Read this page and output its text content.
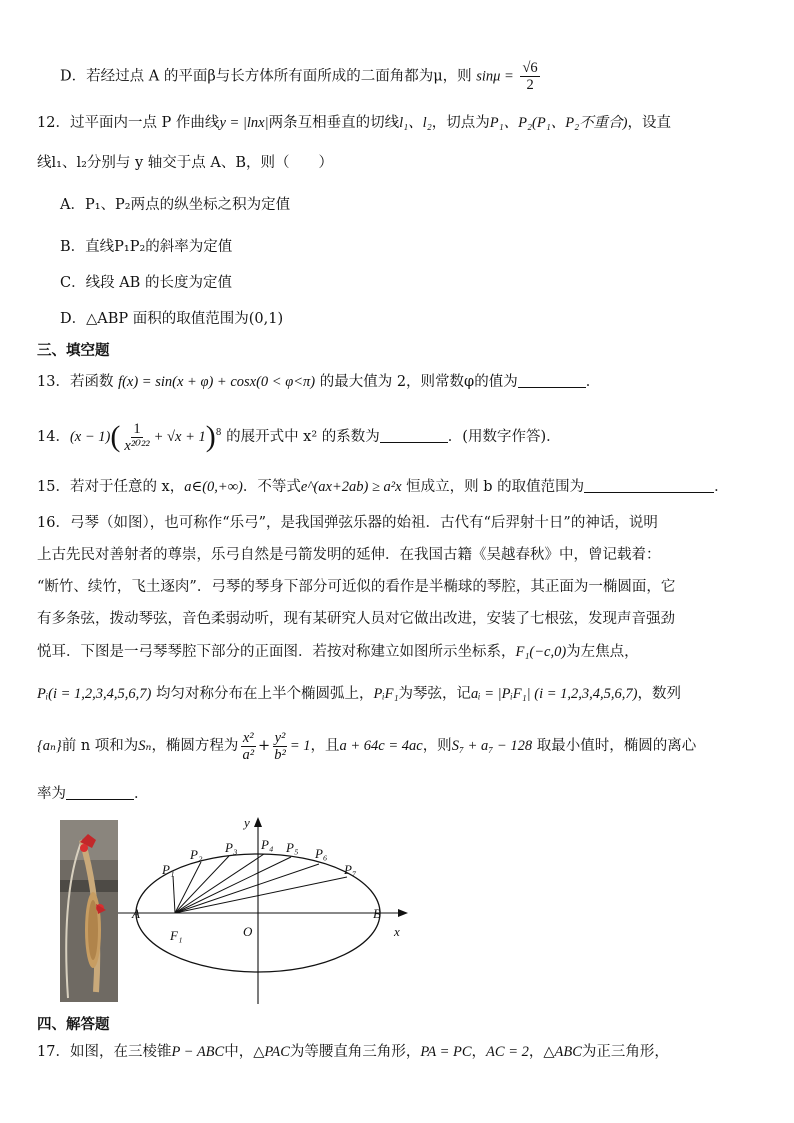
D．若经过点 A 的平面β与长方体所有面所成的二面角都为μ，则 $\sin\mu = \frac{√6}{2}$
12．过平面内一点 P 作曲线y = |lnx|两条互相垂直的切线l₁、l₂，切点为P₁、P₂(P₁、P₂不重合)，设直
线l₁、l₂分别与 y 轴交于点 A、B，则（　　）
A．P₁、P₂两点的纵坐标之积为定值
B．直线P₁P₂的斜率为定值
C．线段 AB 的长度为定值
D．△ABP 面积的取值范围为(0,1)
三、填空题
13．若函数 f(x) = sin(x + φ) + cosx(0 < φ<π) 的最大值为 2，则常数φ的值为	．
14．$(x - 1)( \frac{1}{\text{x²⁰²²}} + √x + 1)^8$ 的展开式中 x² 的系数为	．(用数字作答)．
15．若对于任意的 x，a∈(0,+∞)．不等式e^(ax+2ab) ≥ a²x 恒成立，则 b 的取值范围为	．
16．弓琴（如图），也可称作“乐弓”，是我国弹弦乐器的始祖．古代有“后羿射十日”的神话，说明
上古先民对善射者的尊崇，乐弓自然是弓箭发明的延伸．在我国古籍《吴越春秋》中，曾记载着：
“断竹、续竹，飞土逐肉”．弓琴的琴身下部分可近似的看作是半椭球的琴腔，其正面为一椭圆面，它
有多条弦，拨动琴弦，音色柔弱动听，现有某研究人员对它做出改进，安装了七根弦，发现声音强劲
悦耳．下图是一弓琴琴腔下部分的正面图．若按对称建立如图所示坐标系，F₁(−c,0)为左焦点，
Pᵢ(i = 1,2,3,4,5,6,7) 均匀对称分布在上半个椭圆弧上，PᵢF₁为琴弦，记aᵢ = |PᵢF₁| (i = 1,2,3,4,5,6,7)，数列
{aₙ}前 n 项和为Sₙ，椭圆方程为 $\frac{\text{x²}}{\text{a²}} + \frac{\text{y²}}{\text{b²}} = 1$，且a + 64c = 4ac，则S₇ + a₇ − 128 取最小值时，椭圆的离心
率为	．
y
x
A	B
O
F₁
P₁
P₂ P₃ P₄ P₅ P₆
P₇
四、解答题
17．如图，在三棱锥P − ABC中，△PAC为等腰直角三角形，PA = PC，AC = 2，△ABC为正三角形，
